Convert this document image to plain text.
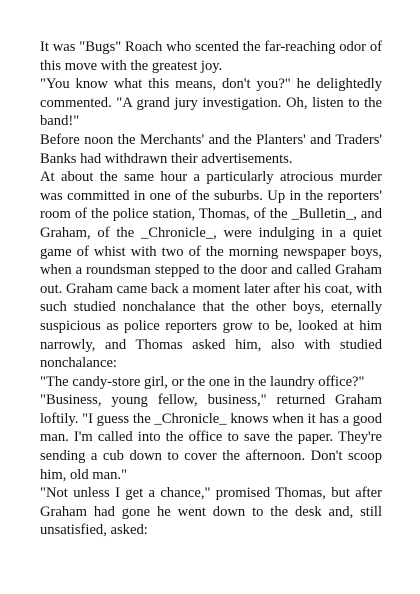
It was "Bugs" Roach who scented the far-reaching odor of this move with the greatest joy.

"You know what this means, don't you?" he delightedly commented. "A grand jury investigation. Oh, listen to the band!"

Before noon the Merchants' and the Planters' and Traders' Banks had withdrawn their advertisements.

At about the same hour a particularly atrocious murder was committed in one of the suburbs. Up in the reporters' room of the police station, Thomas, of the _Bulletin_, and Graham, of the _Chronicle_, were indulging in a quiet game of whist with two of the morning newspaper boys, when a roundsman stepped to the door and called Graham out. Graham came back a moment later after his coat, with such studied nonchalance that the other boys, eternally suspicious as police reporters grow to be, looked at him narrowly, and Thomas asked him, also with studied nonchalance:

"The candy-store girl, or the one in the laundry office?"

"Business, young fellow, business," returned Graham loftily. "I guess the _Chronicle_ knows when it has a good man. I'm called into the office to save the paper. They're sending a cub down to cover the afternoon. Don't scoop him, old man."

"Not unless I get a chance," promised Thomas, but after Graham had gone he went down to the desk and, still unsatisfied, asked:
